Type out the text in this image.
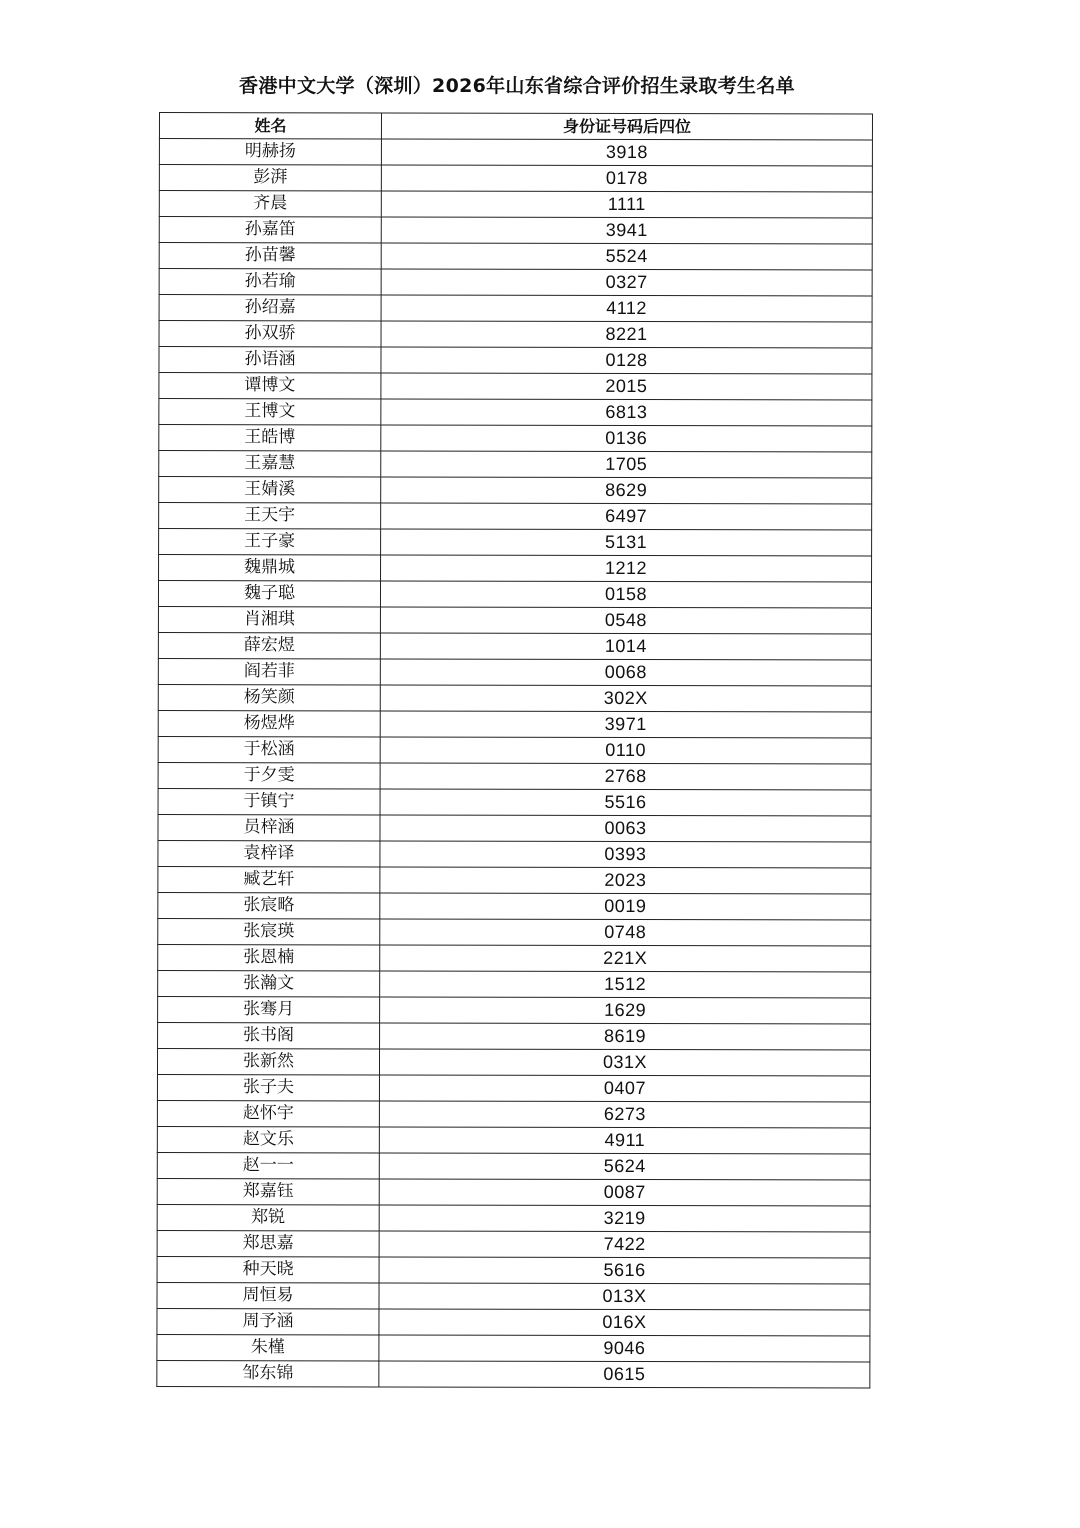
香港中文大学（深圳）2026年山东省综合评价招生录取考生名单
姓名	身份证号码后四位
明赫扬	3918
彭湃	0178
齐晨	1111
孙嘉笛	3941
孙苗馨	5524
孙若瑜	0327
孙绍嘉	4112
孙双骄	8221
孙语涵	0128
谭博文	2015
王博文	6813
王皓博	0136
王嘉慧	1705
王婧溪	8629
王天宇	6497
王子豪	5131
魏鼎城	1212
魏子聪	0158
肖湘琪	0548
薛宏煜	1014
阎若菲	0068
杨笑颜	302X
杨煜烨	3971
于松涵	0110
于夕雯	2768
于镇宁	5516
员梓涵	0063
袁梓译	0393
臧艺轩	2023
张宸略	0019
张宸瑛	0748
张恩楠	221X
张瀚文	1512
张骞月	1629
张书阁	8619
张新然	031X
张子夫	0407
赵怀宇	6273
赵文乐	4911
赵一一	5624
郑嘉钰	0087
郑锐	3219
郑思嘉	7422
种天晓	5616
周恒易	013X
周予涵	016X
朱槿	9046
邹东锦	0615
